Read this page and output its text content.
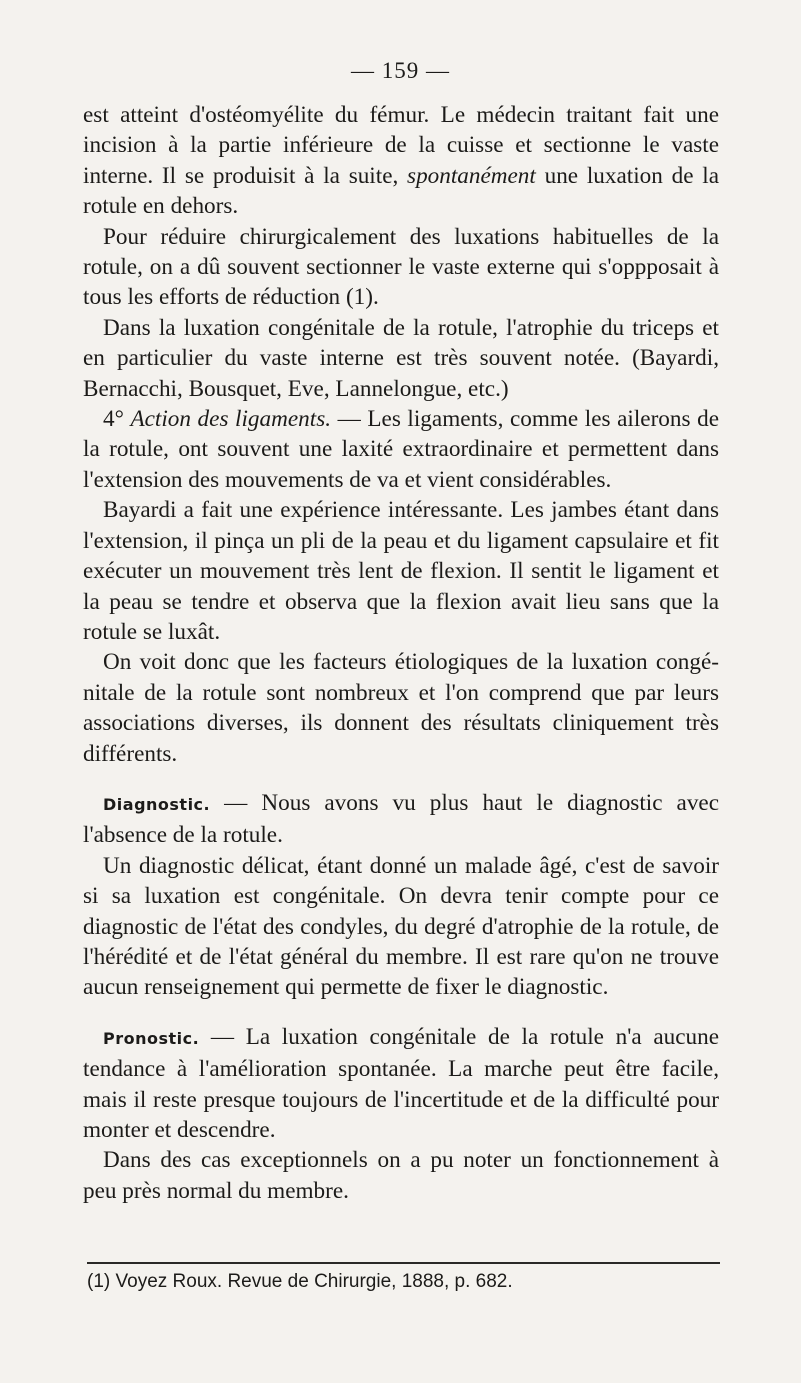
— 159 —

est atteint d'ostéomyélite du fémur. Le médecin traitant fait une incision à la partie inférieure de la cuisse et sectionne le vaste interne. Il se produisit à la suite, spontanément une luxation de la rotule en dehors.

Pour réduire chirurgicalement des luxations habituelles de la rotule, on a dû souvent sectionner le vaste externe qui s'oppposait à tous les efforts de réduction (1).

Dans la luxation congénitale de la rotule, l'atrophie du triceps et en particulier du vaste interne est très souvent notée. (Bayardi, Bernacchi, Bousquet, Eve, Lannelongue, etc.)

4° Action des ligaments. — Les ligaments, comme les ailerons de la rotule, ont souvent une laxité extraordinaire et permettent dans l'extension des mouvements de va et vient considérables.

Bayardi a fait une expérience intéressante. Les jambes étant dans l'extension, il pinça un pli de la peau et du ligament capsulaire et fit exécuter un mouvement très lent de flexion. Il sentit le ligament et la peau se tendre et observa que la flexion avait lieu sans que la rotule se luxât.

On voit donc que les facteurs étiologiques de la luxation congé-nitale de la rotule sont nombreux et l'on comprend que par leurs associations diverses, ils donnent des résultats cliniquement très différents.

Diagnostic. — Nous avons vu plus haut le diagnostic avec l'absence de la rotule.

Un diagnostic délicat, étant donné un malade âgé, c'est de savoir si sa luxation est congénitale. On devra tenir compte pour ce diagnostic de l'état des condyles, du degré d'atrophie de la rotule, de l'hérédité et de l'état général du membre. Il est rare qu'on ne trouve aucun renseignement qui permette de fixer le diagnostic.

Pronostic. — La luxation congénitale de la rotule n'a aucune tendance à l'amélioration spontanée. La marche peut être facile, mais il reste presque toujours de l'incertitude et de la difficulté pour monter et descendre.

Dans des cas exceptionnels on a pu noter un fonctionnement à peu près normal du membre.

(1) Voyez Roux. Revue de Chirurgie, 1888, p. 682.
